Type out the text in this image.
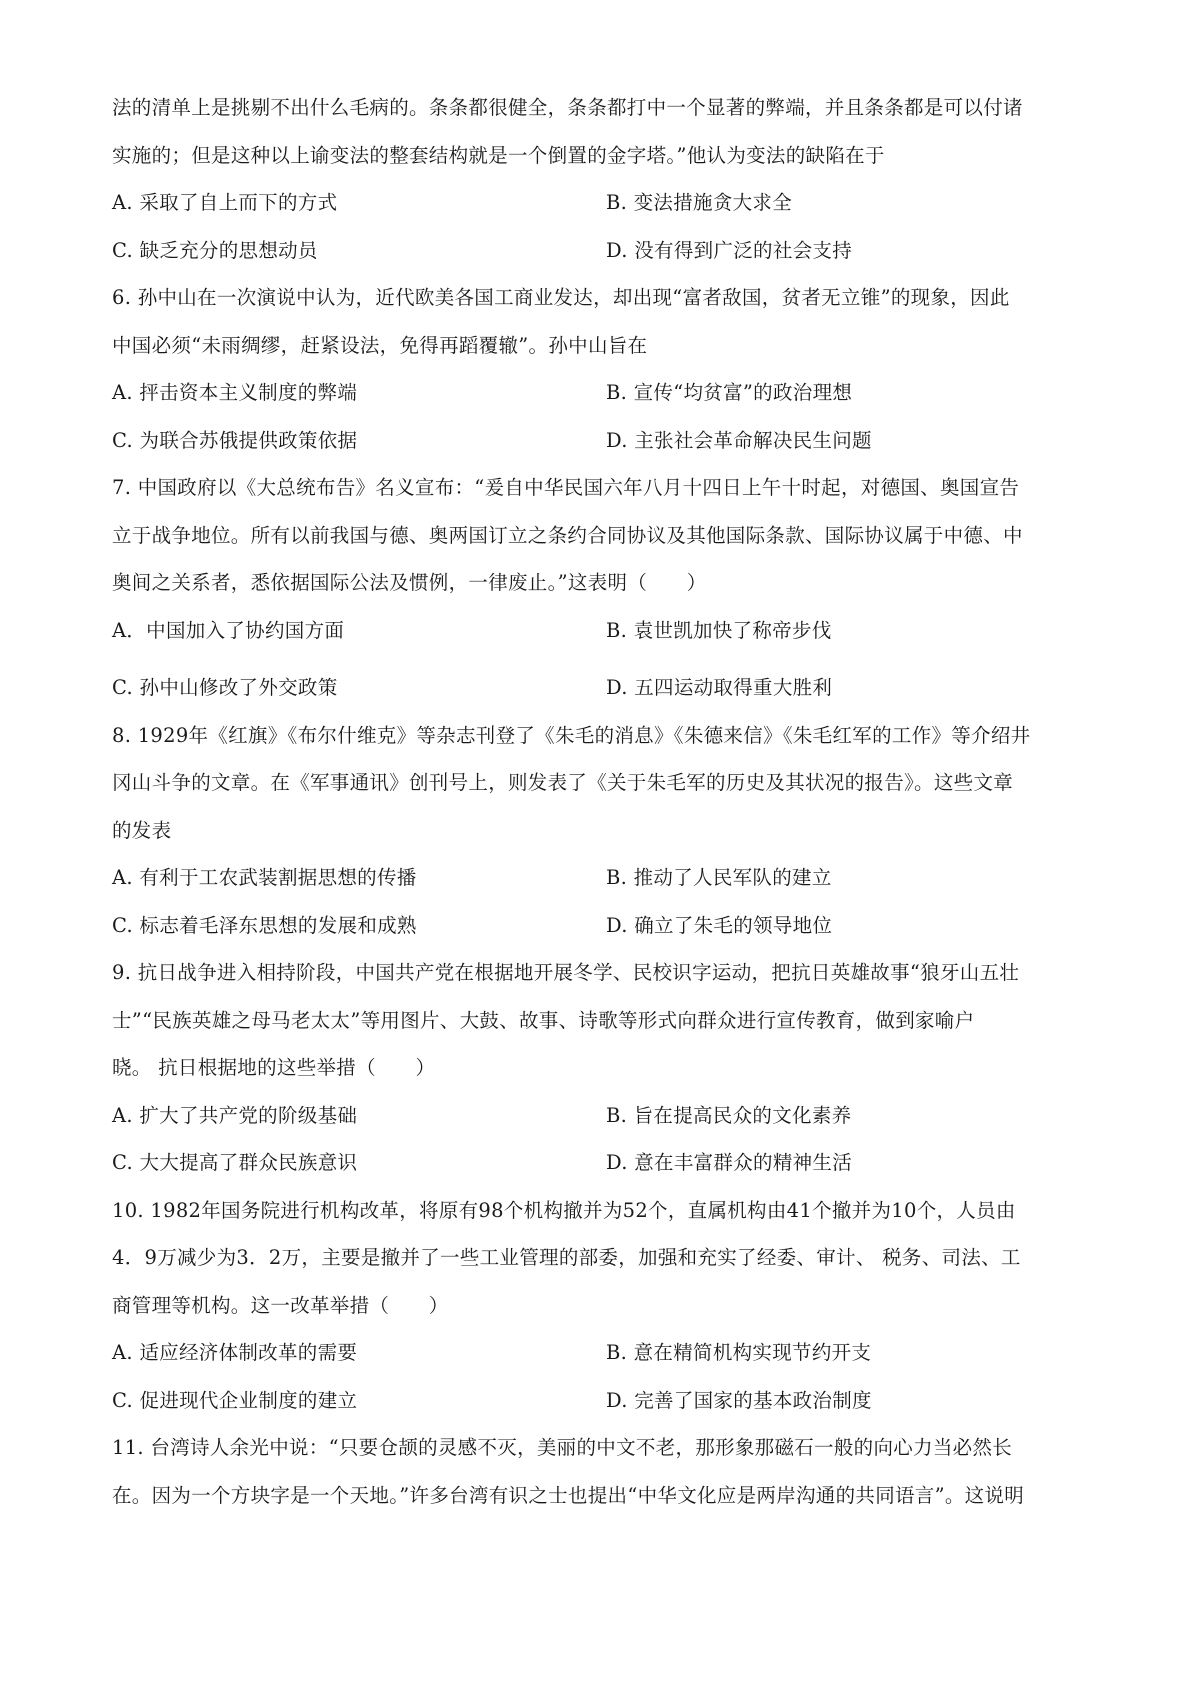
法的清单上是挑剔不出什么毛病的。条条都很健全，条条都打中一个显著的弊端，并且条条都是可以付诸
实施的；但是这种以上谕变法的整套结构就是一个倒置的金字塔。”他认为变法的缺陷在于
A. 采取了自上而下的方式	B. 变法措施贪大求全
C. 缺乏充分的思想动员	D. 没有得到广泛的社会支持
6. 孙中山在一次演说中认为，近代欧美各国工商业发达，却出现“富者敌国，贫者无立锥”的现象，因此
中国必须“未雨绸缪，赶紧设法，免得再蹈覆辙”。孙中山旨在
A. 抨击资本主义制度的弊端	B. 宣传“均贫富”的政治理想
C. 为联合苏俄提供政策依据	D. 主张社会革命解决民生问题
7. 中国政府以《大总统布告》名义宣布：“爰自中华民国六年八月十四日上午十时起，对德国、奥国宣告
立于战争地位。所有以前我国与德、奥两国订立之条约合同协议及其他国际条款、国际协议属于中德、中
奥间之关系者，悉依据国际公法及惯例，一律废止。”这表明（　　）
A．中国加入了协约国方面	B. 袁世凯加快了称帝步伐
C. 孙中山修改了外交政策	D. 五四运动取得重大胜利
8. 1929年《红旗》《布尔什维克》等杂志刊登了《朱毛的消息》《朱德来信》《朱毛红军的工作》等介绍井
冈山斗争的文章。在《军事通讯》创刊号上，则发表了《关于朱毛军的历史及其状况的报告》。这些文章
的发表
A. 有利于工农武装割据思想的传播	B. 推动了人民军队的建立
C. 标志着毛泽东思想的发展和成熟	D. 确立了朱毛的领导地位
9. 抗日战争进入相持阶段，中国共产党在根据地开展冬学、民校识字运动，把抗日英雄故事“狼牙山五壮
士”“民族英雄之母马老太太”等用图片、大鼓、故事、诗歌等形式向群众进行宣传教育，做到家喻户
晓。 抗日根据地的这些举措（　　）
A. 扩大了共产党的阶级基础	B. 旨在提高民众的文化素养
C. 大大提高了群众民族意识	D. 意在丰富群众的精神生活
10. 1982年国务院进行机构改革，将原有98个机构撤并为52个，直属机构由41个撤并为10个，人员由
4．9万减少为3．2万，主要是撤并了一些工业管理的部委，加强和充实了经委、审计、 税务、司法、工
商管理等机构。这一改革举措（　　）
A. 适应经济体制改革的需要	B. 意在精简机构实现节约开支
C. 促进现代企业制度的建立	D. 完善了国家的基本政治制度
11. 台湾诗人余光中说：“只要仓颉的灵感不灭，美丽的中文不老，那形象那磁石一般的向心力当必然长
在。因为一个方块字是一个天地。”许多台湾有识之士也提出“中华文化应是两岸沟通的共同语言”。这说明
